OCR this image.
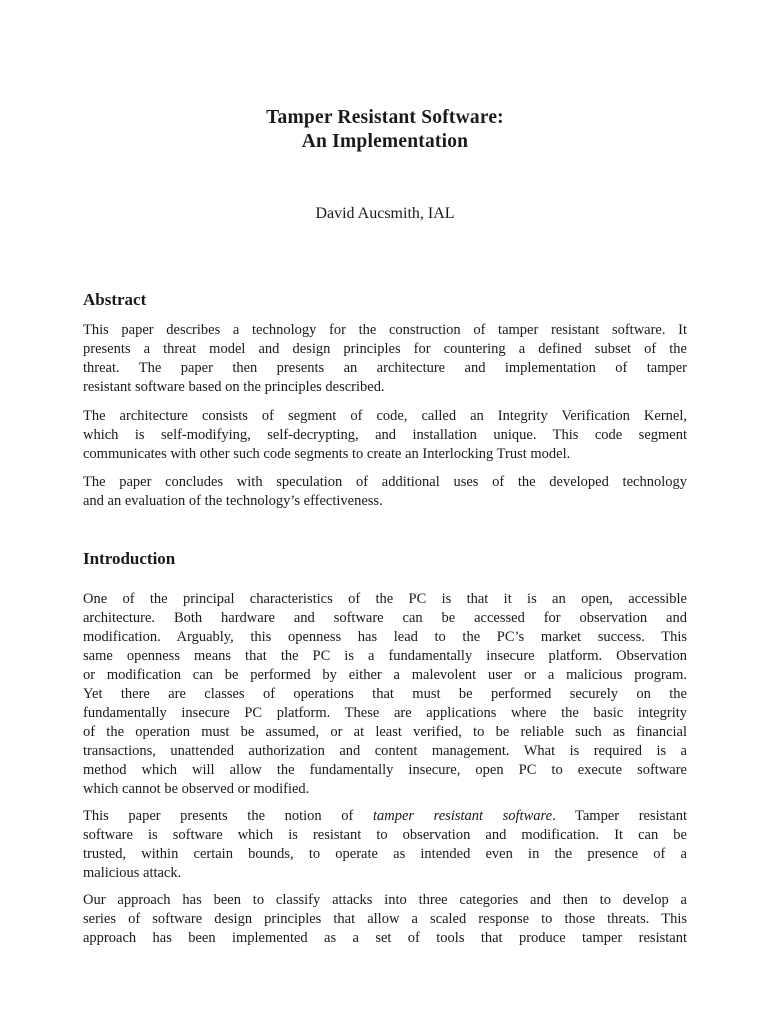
Tamper Resistant Software:
An Implementation

David Aucsmith, IAL

Abstract
This paper describes a technology for the construction of tamper resistant software. It
presents a threat model and design principles for countering a defined subset of the
threat. The paper then presents an architecture and implementation of tamper
resistant software based on the principles described.
The architecture consists of segment of code, called an Integrity Verification Kernel,
which is self-modifying, self-decrypting, and installation unique. This code segment
communicates with other such code segments to create an Interlocking Trust model.
The paper concludes with speculation of additional uses of the developed technology
and an evaluation of the technology’s effectiveness.
Introduction
One of the principal characteristics of the PC is that it is an open, accessible
architecture. Both hardware and software can be accessed for observation and
modification. Arguably, this openness has lead to the PC’s market success. This
same openness means that the PC is a fundamentally insecure platform. Observation
or modification can be performed by either a malevolent user or a malicious program.
Yet there are classes of operations that must be performed securely on the
fundamentally insecure PC platform. These are applications where the basic integrity
of the operation must be assumed, or at least verified, to be reliable such as financial
transactions, unattended authorization and content management. What is required is a
method which will allow the fundamentally insecure, open PC to execute software
which cannot be observed or modified.
This paper presents the notion of tamper resistant software. Tamper resistant
software is software which is resistant to observation and modification. It can be
trusted, within certain bounds, to operate as intended even in the presence of a
malicious attack.
Our approach has been to classify attacks into three categories and then to develop a
series of software design principles that allow a scaled response to those threats. This
approach has been implemented as a set of tools that produce tamper resistant
